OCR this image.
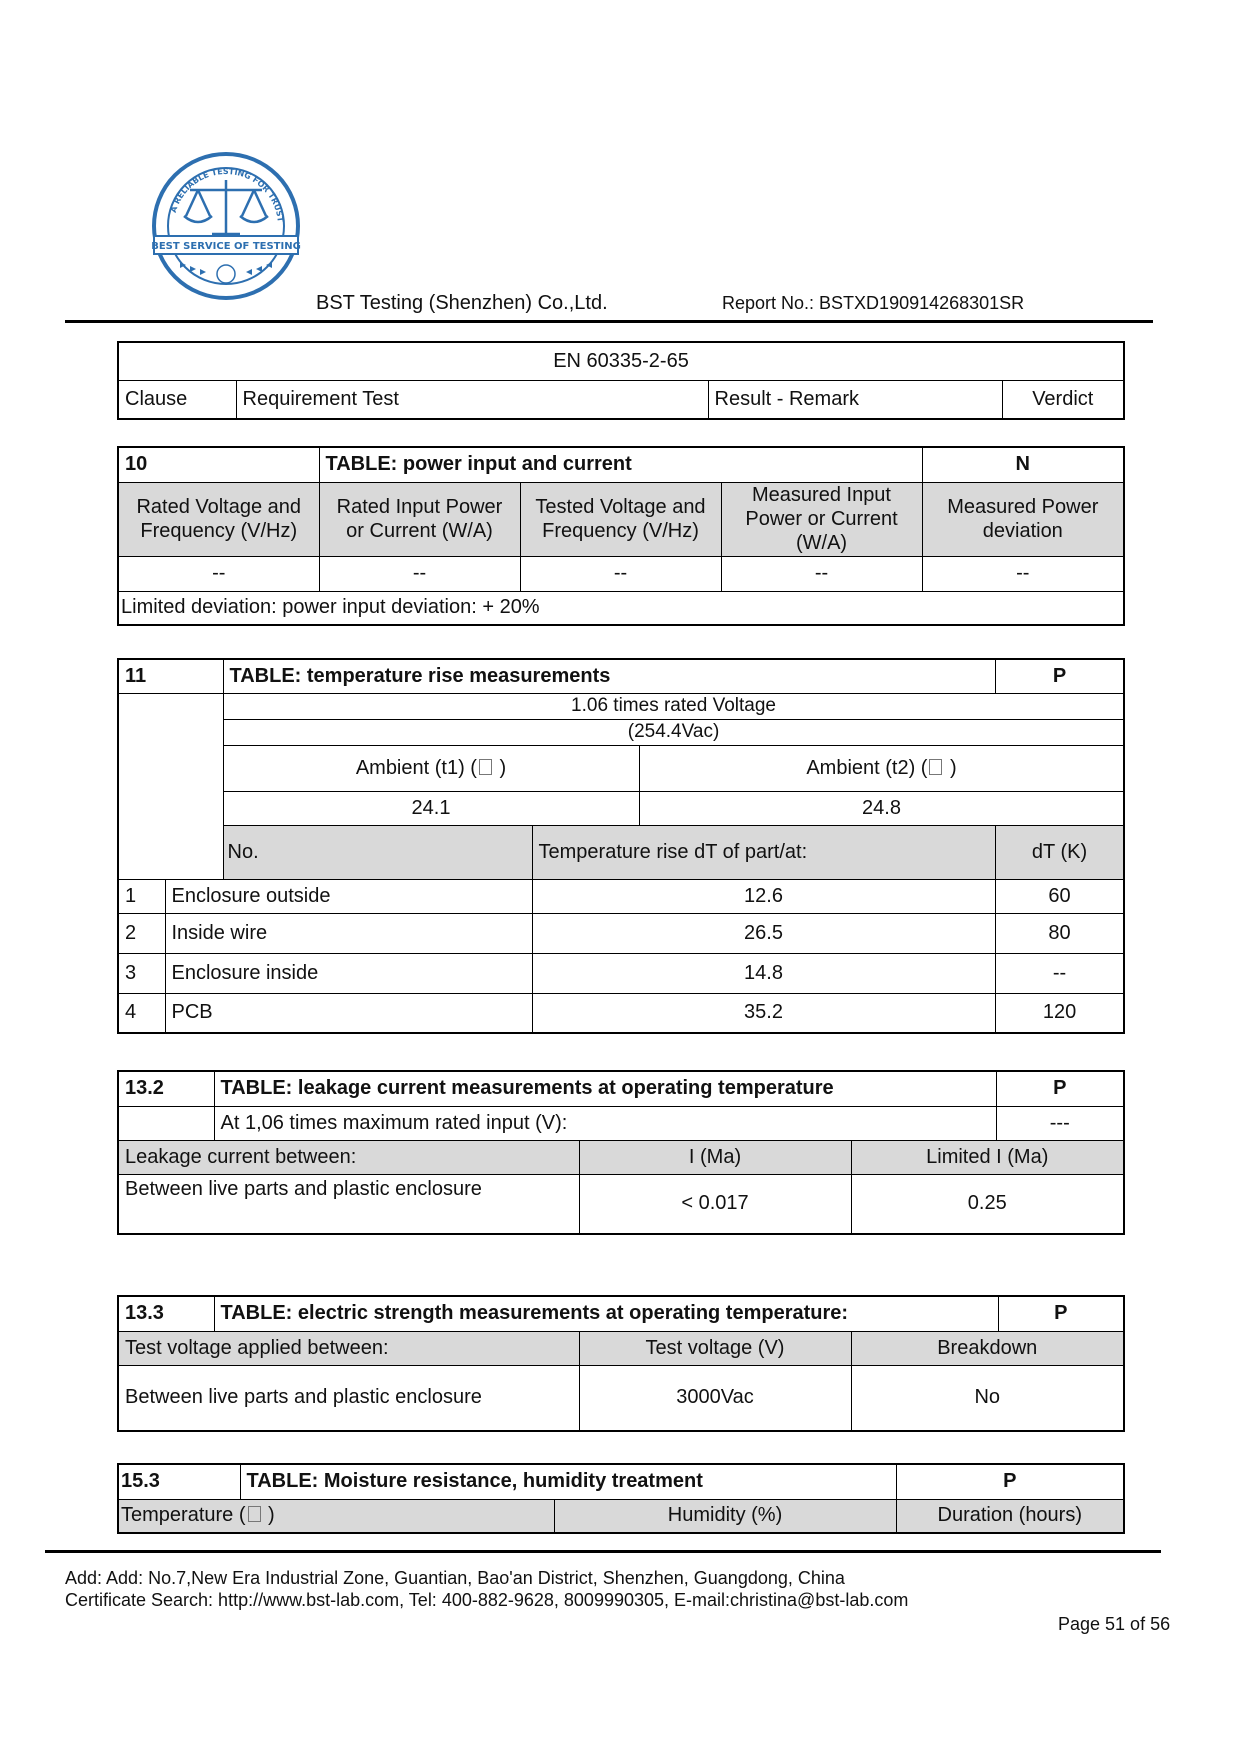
A RELIABLE TESTING FOR TRUST
BEST SERVICE OF TESTING
BST Testing (Shenzhen) Co.,Ltd.	Report No.: BSTXD190914268301SR
EN 60335-2-65
Clause	Requirement Test	Result - Remark	Verdict
10	TABLE: power input and current			N
Rated Voltage and Frequency (V/Hz)	Rated Input Power or Current (W/A)	Tested Voltage and Frequency (V/Hz)	Measured Input Power or Current (W/A)	Measured Power deviation
--	--	--	--	--
Limited deviation: power input deviation: + 20%				
11		TABLE: temperature rise measurements			P	
		1.06 times rated Voltage				
		(254.4Vac)				
		Ambient (t1) ( )		Ambient (t2) ( )		
		24.1		24.8		
		No.	Temperature rise dT of part/at:		dT (K)	
1	Enclosure outside		12.6		60	
2	Inside wire		26.5		80	
3	Enclosure inside		14.8		--	
4	PCB		35.2		120	
13.2	TABLE: leakage current measurements at operating temperature			P
	At 1,06 times maximum rated input (V):			---
Leakage current between:		I (Ma)	Limited I (Ma)	
Between live parts and plastic enclosure		< 0.017	0.25	
13.3	TABLE: electric strength measurements at operating temperature:			P
Test voltage applied between:		Test voltage (V)	Breakdown	
Between live parts and plastic enclosure		3000Vac	No	
15.3	TABLE: Moisture resistance, humidity treatment		P
Temperature ( )		Humidity (%)	Duration (hours)
Add: Add: No.7,New Era Industrial Zone, Guantian, Bao'an District, Shenzhen, Guangdong, China
Certificate Search: http://www.bst-lab.com, Tel: 400-882-9628, 8009990305, E-mail:christina@bst-lab.com
Page 51 of 56
